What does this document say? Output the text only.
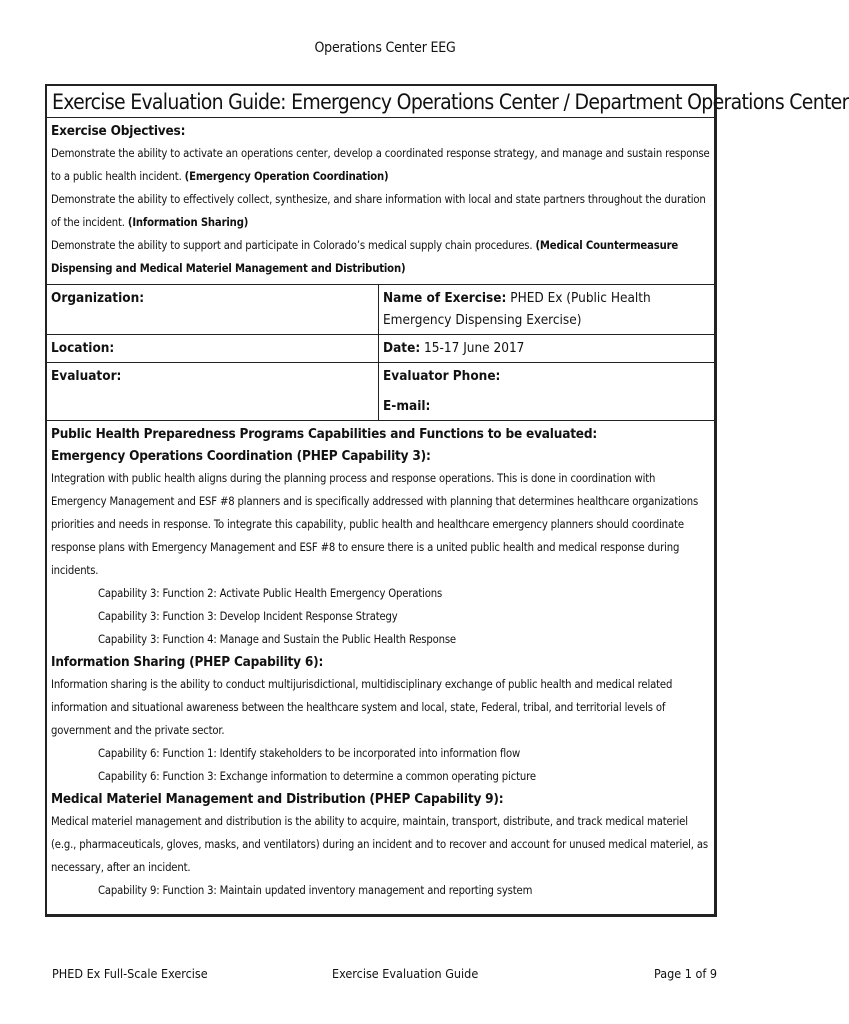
Operations Center EEG
Exercise Evaluation Guide: Emergency Operations Center / Department Operations Center
Exercise Objectives:
Demonstrate the ability to activate an operations center, develop a coordinated response strategy, and manage and sustain response to a public health incident. (Emergency Operation Coordination)
Demonstrate the ability to effectively collect, synthesize, and share information with local and state partners throughout the duration of the incident. (Information Sharing)
Demonstrate the ability to support and participate in Colorado’s medical supply chain procedures. (Medical Countermeasure Dispensing and Medical Materiel Management and Distribution)
Organization:	Name of Exercise: PHED Ex (Public Health Emergency Dispensing Exercise)
Location:	Date: 15-17 June 2017
Evaluator:	Evaluator Phone:
E-mail:
Public Health Preparedness Programs Capabilities and Functions to be evaluated:
Emergency Operations Coordination (PHEP Capability 3):
Integration with public health aligns during the planning process and response operations. This is done in coordination with Emergency Management and ESF #8 planners and is specifically addressed with planning that determines healthcare organizations priorities and needs in response. To integrate this capability, public health and healthcare emergency planners should coordinate response plans with Emergency Management and ESF #8 to ensure there is a united public health and medical response during incidents.
Capability 3: Function 2: Activate Public Health Emergency Operations
Capability 3: Function 3: Develop Incident Response Strategy
Capability 3: Function 4: Manage and Sustain the Public Health Response
Information Sharing (PHEP Capability 6):
Information sharing is the ability to conduct multijurisdictional, multidisciplinary exchange of public health and medical related information and situational awareness between the healthcare system and local, state, Federal, tribal, and territorial levels of government and the private sector.
Capability 6: Function 1: Identify stakeholders to be incorporated into information flow
Capability 6: Function 3: Exchange information to determine a common operating picture
Medical Materiel Management and Distribution (PHEP Capability 9):
Medical materiel management and distribution is the ability to acquire, maintain, transport, distribute, and track medical materiel (e.g., pharmaceuticals, gloves, masks, and ventilators) during an incident and to recover and account for unused medical materiel, as necessary, after an incident.
Capability 9: Function 3: Maintain updated inventory management and reporting system
PHED Ex Full-Scale Exercise	Exercise Evaluation Guide	Page 1 of 9
